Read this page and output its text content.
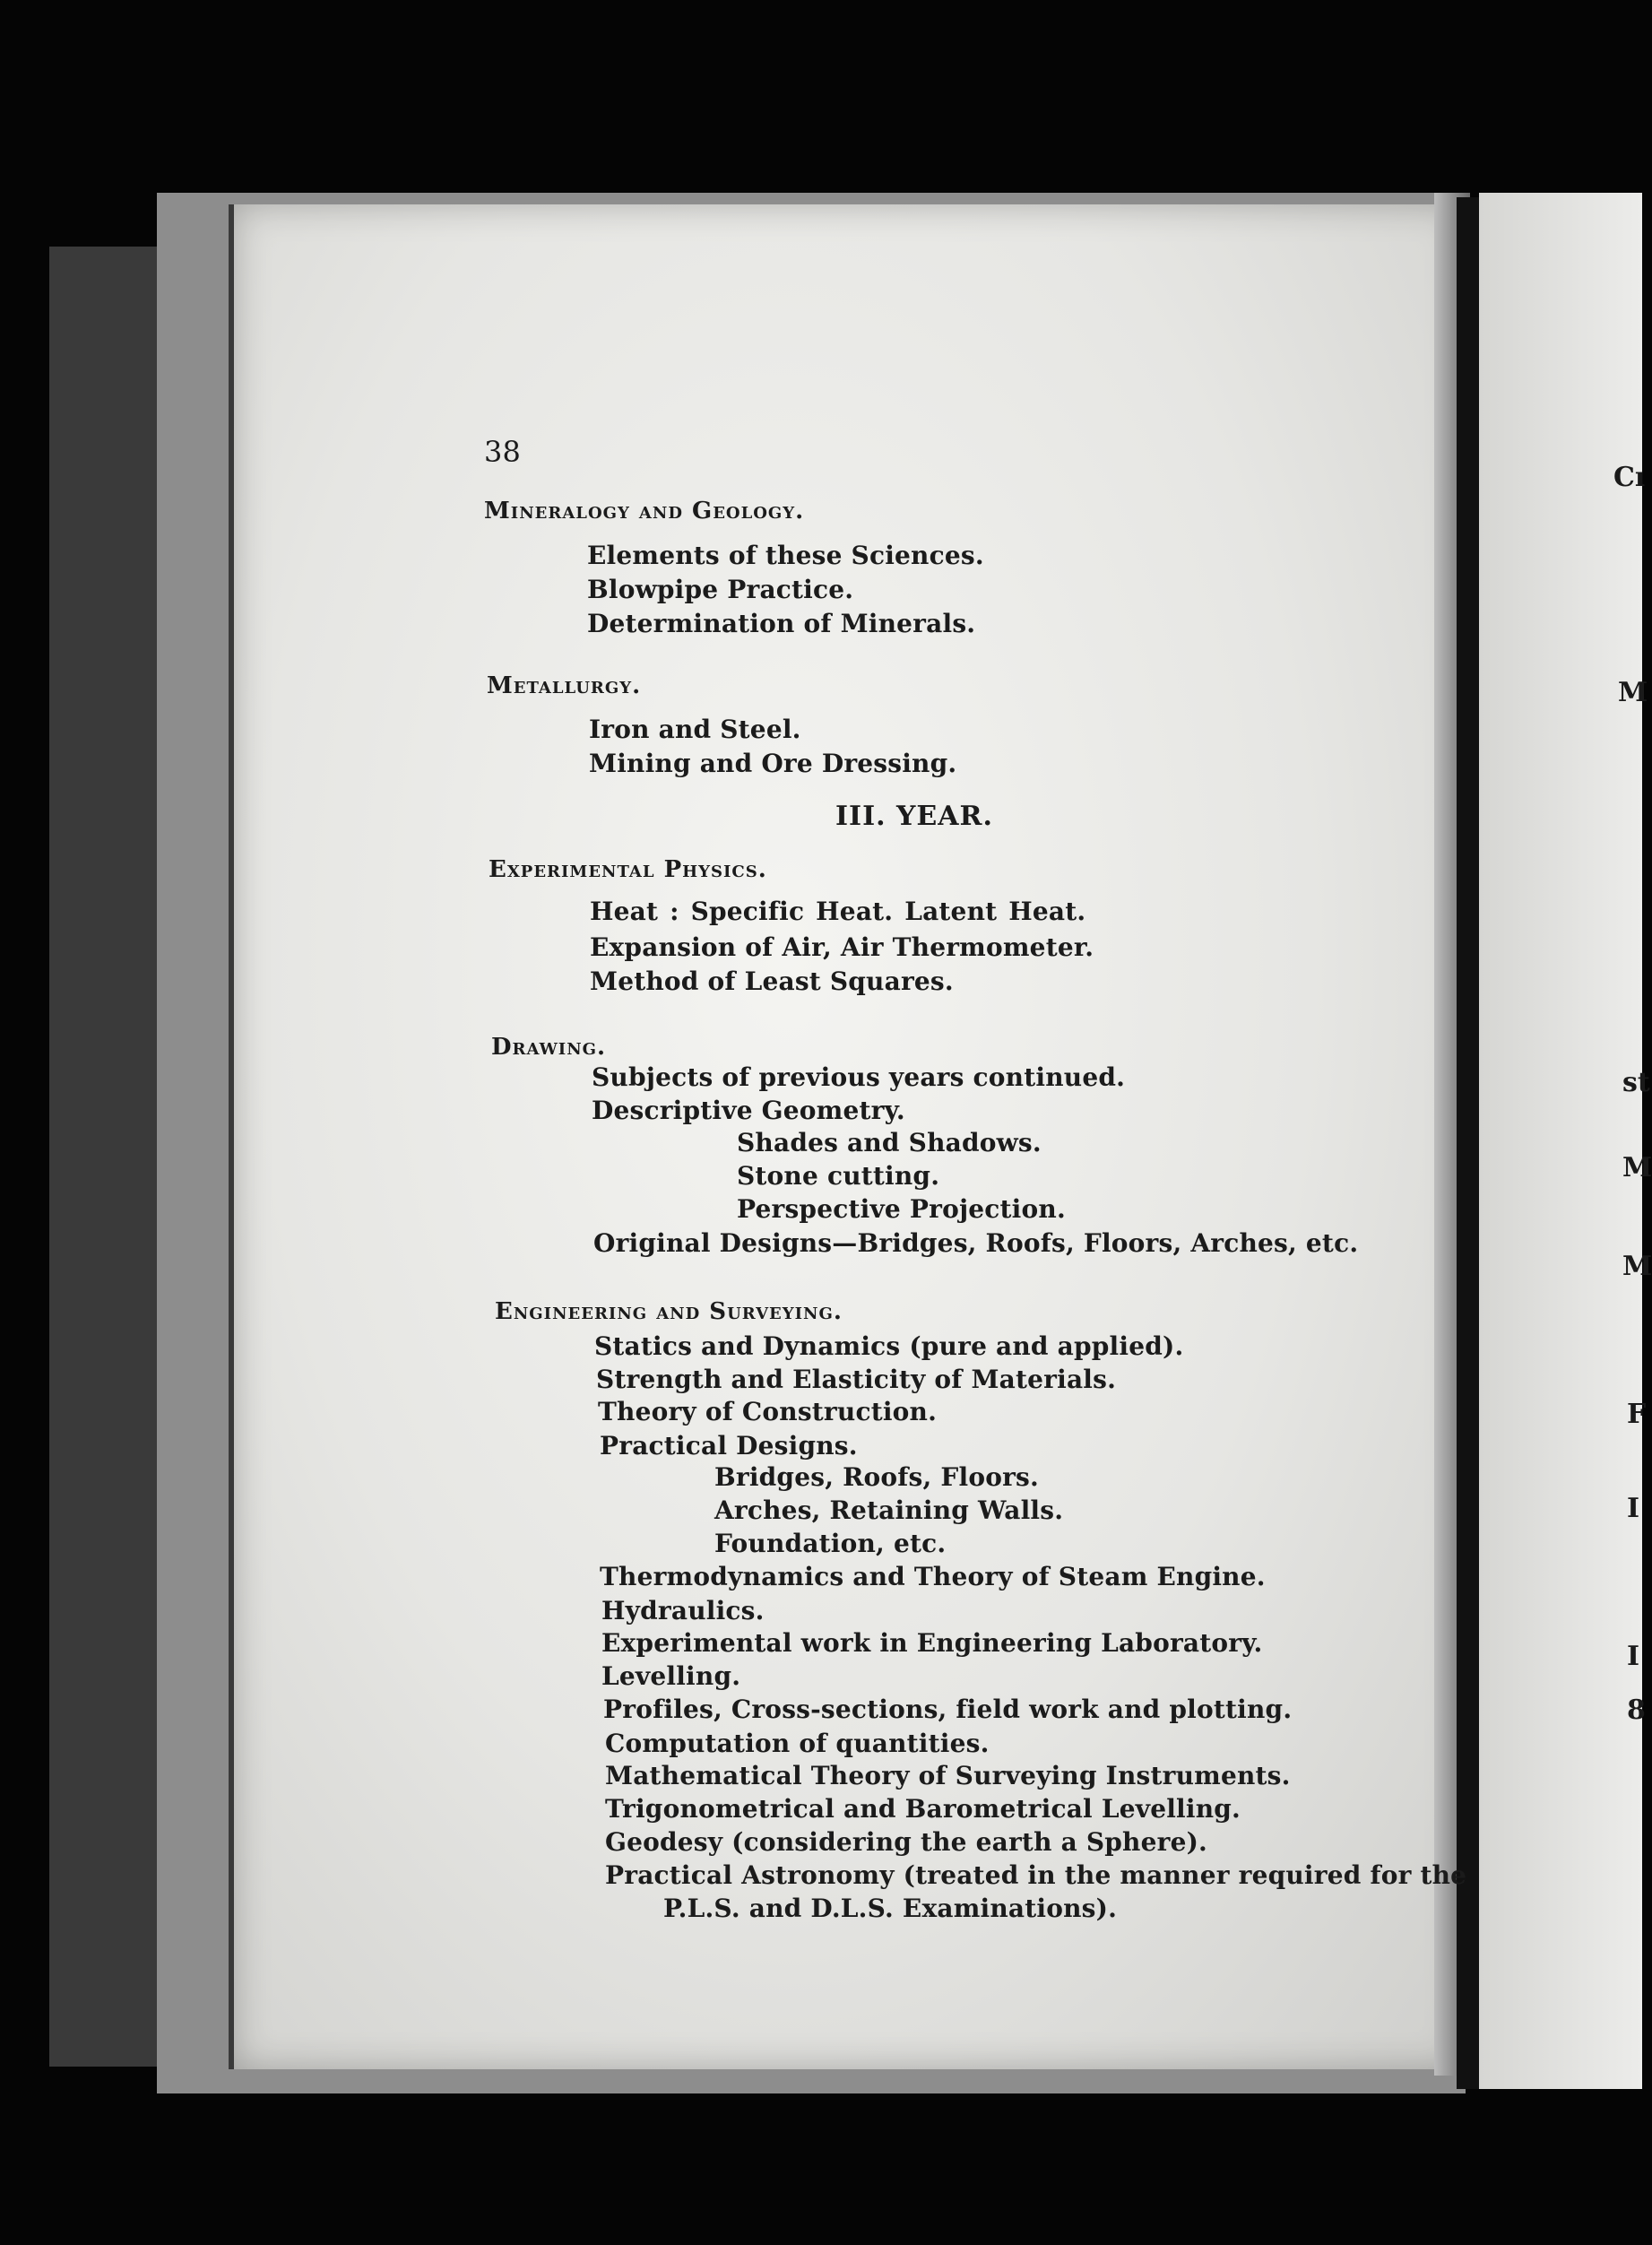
Cı
M
st
M
M
F
I
I
8
38
Mineralogy and Geology.
Elements of these Sciences.
Blowpipe Practice.
Determination of Minerals.
Metallurgy.
Iron and Steel.
Mining and Ore Dressing.
III. YEAR.
Experimental Physics.
Heat : Specific Heat. Latent Heat.
Expansion of Air, Air Thermometer.
Method of Least Squares.
Drawing.
Subjects of previous years continued.
Descriptive Geometry.
Shades and Shadows.
Stone cutting.
Perspective Projection.
Original Designs—Bridges, Roofs, Floors, Arches, etc.
Engineering and Surveying.
Statics and Dynamics (pure and applied).
Strength and Elasticity of Materials.
Theory of Construction.
Practical Designs.
Bridges, Roofs, Floors.
Arches, Retaining Walls.
Foundation, etc.
Thermodynamics and Theory of Steam Engine.
Hydraulics.
Experimental work in Engineering Laboratory.
Levelling.
Profiles, Cross-sections, field work and plotting.
Computation of quantities.
Mathematical Theory of Surveying Instruments.
Trigonometrical and Barometrical Levelling.
Geodesy (considering the earth a Sphere).
Practical Astronomy (treated in the manner required for the
P.L.S. and D.L.S. Examinations).
